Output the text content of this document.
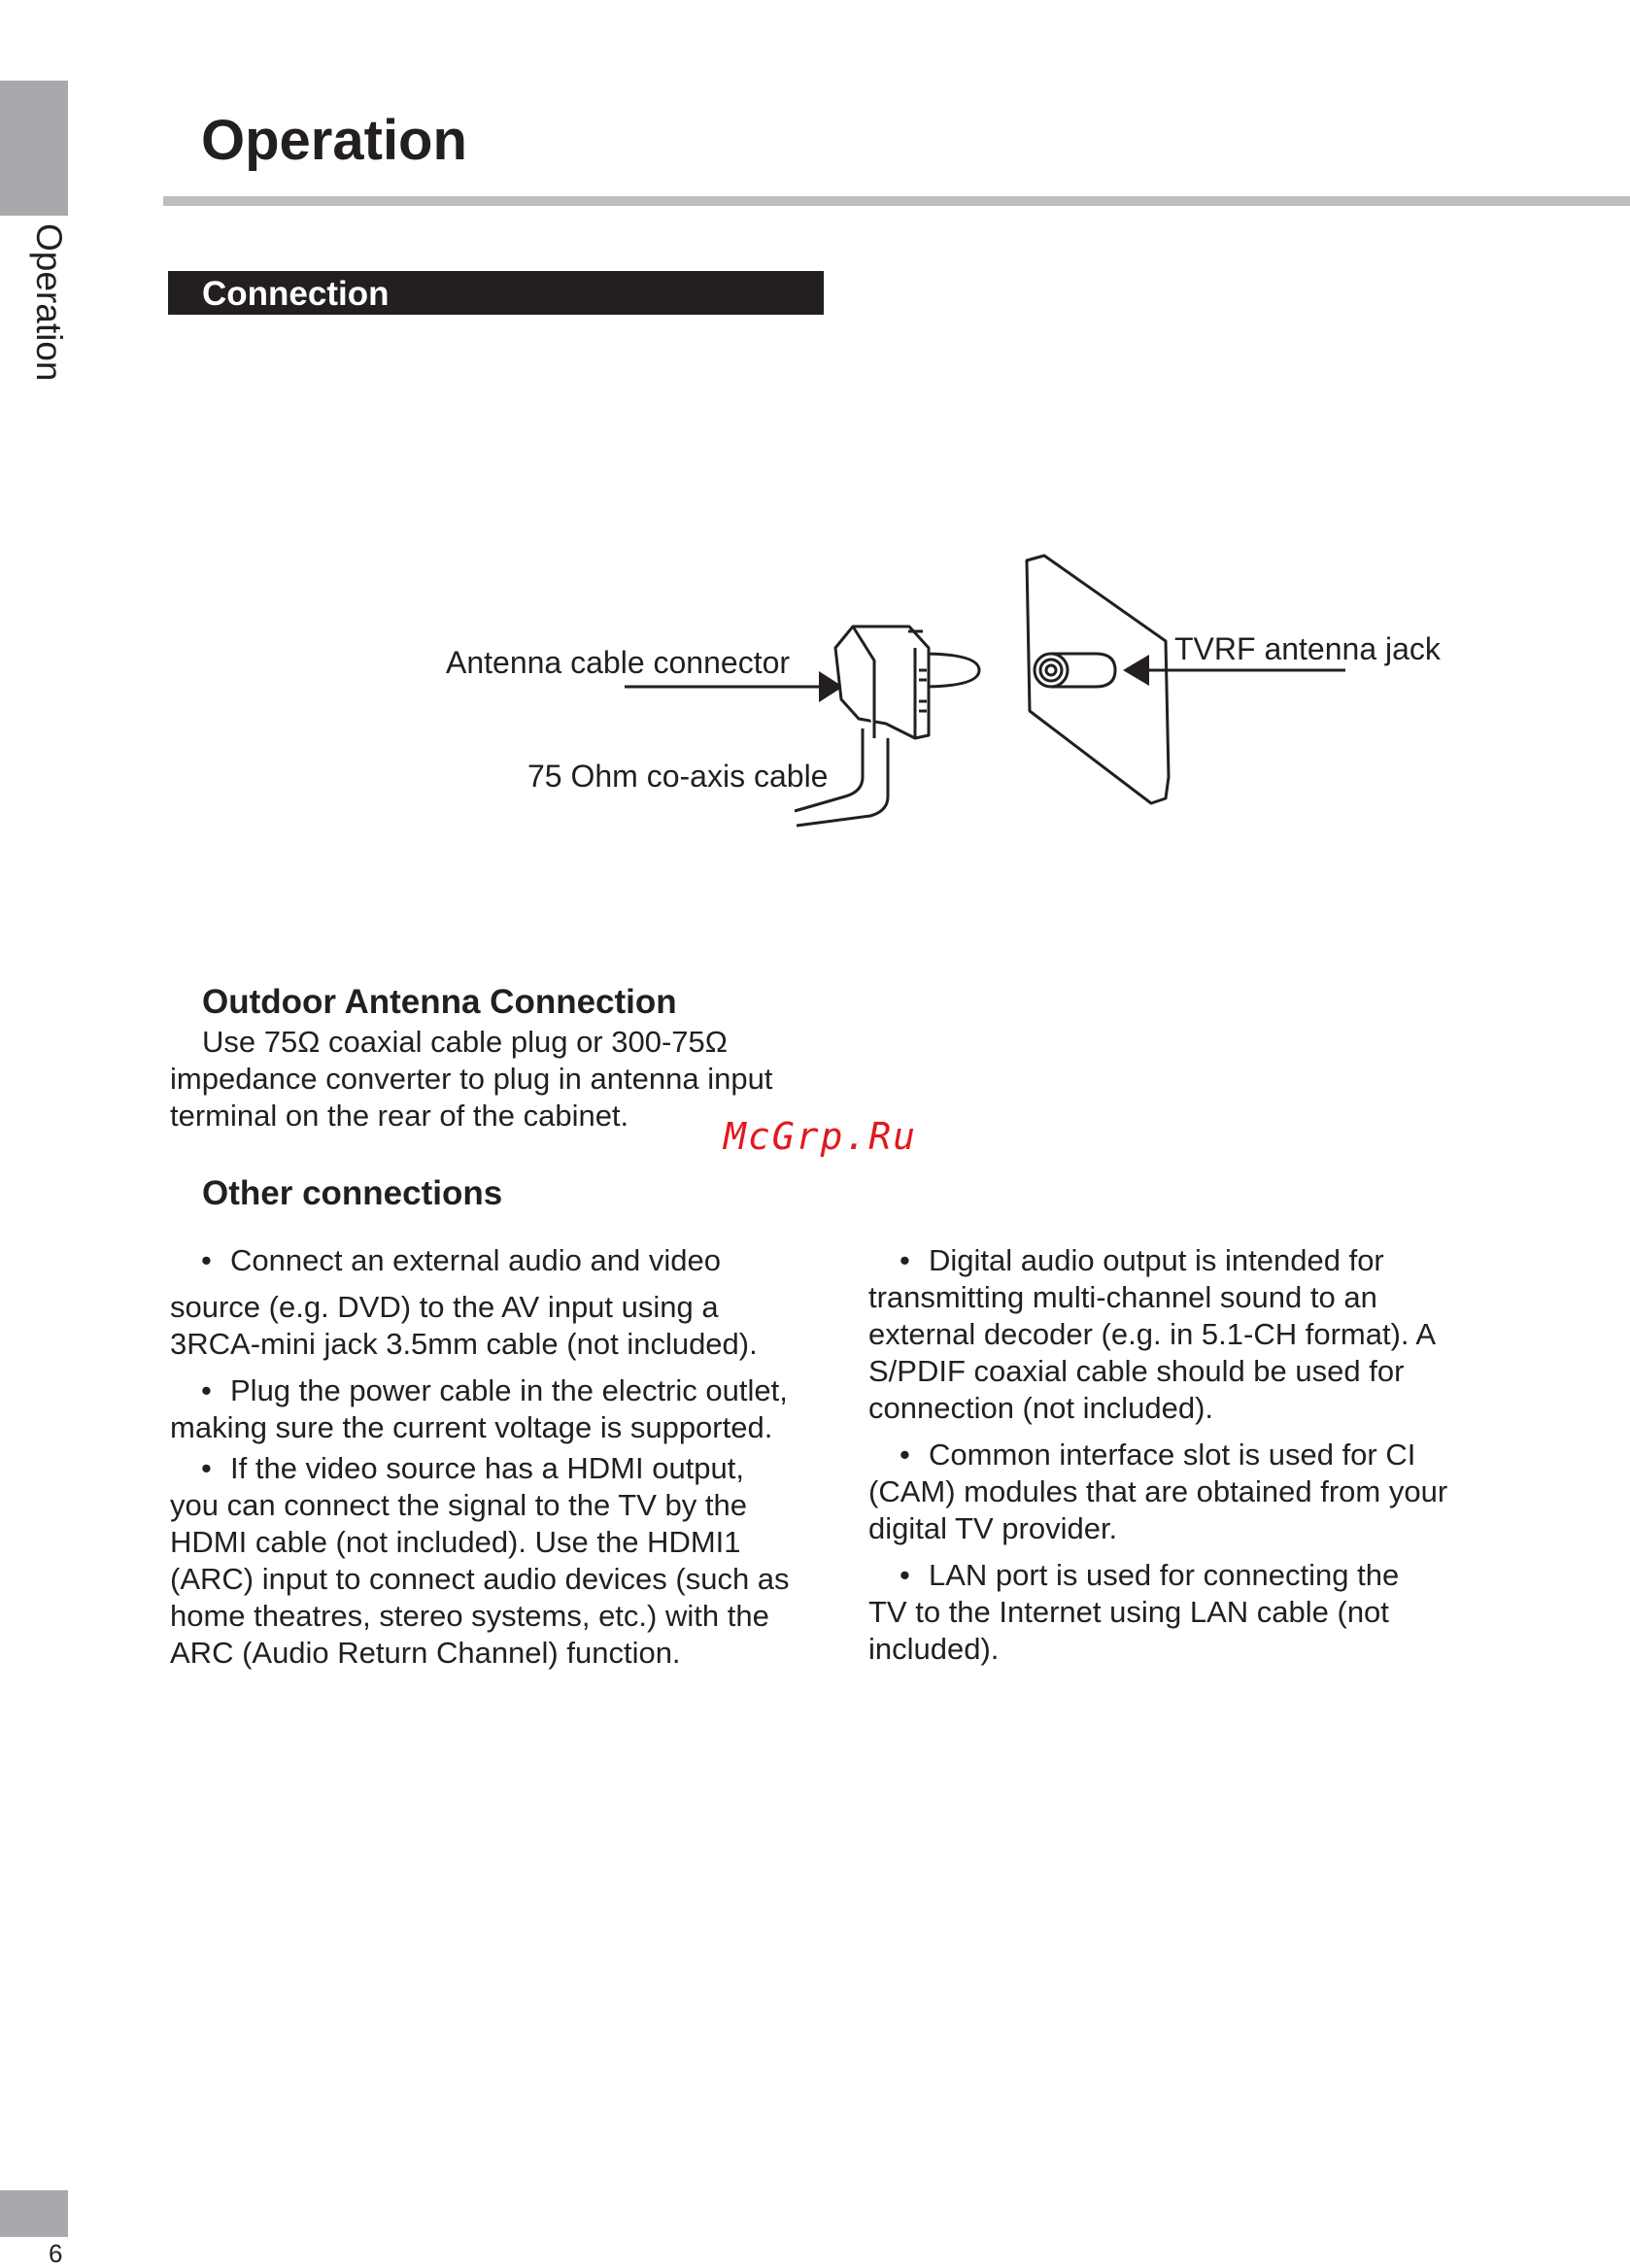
Operation
Operation
Connection
Antenna cable connector
75 Ohm co-axis cable
TVRF antenna jack
Outdoor Antenna Connection
Use 75Ω coaxial cable plug or 300-75Ω
impedance converter to plug in antenna input
terminal on the rear of the cabinet.	McGrp.Ru
Other connections

• Connect an external audio and video
source (e.g. DVD) to the AV input using a
3RCA-mini jack 3.5mm cable (not included).

• Plug the power cable in the electric outlet,
making sure the current voltage is supported.

• If the video source has a HDMI output,
you can connect the signal to the TV by the
HDMI cable (not included). Use the HDMI1
(ARC) input to connect audio devices (such as
home theatres, stereo systems, etc.) with the
ARC (Audio Return Channel) function.

• Digital audio output is intended for
transmitting multi-channel sound to an
external decoder (e.g. in 5.1-CH format). A
S/PDIF coaxial cable should be used for
connection (not included).

• Common interface slot is used for CI
(CAM) modules that are obtained from your
digital TV provider.

• LAN port is used for connecting the
TV to the Internet using LAN cable (not
included).

6
